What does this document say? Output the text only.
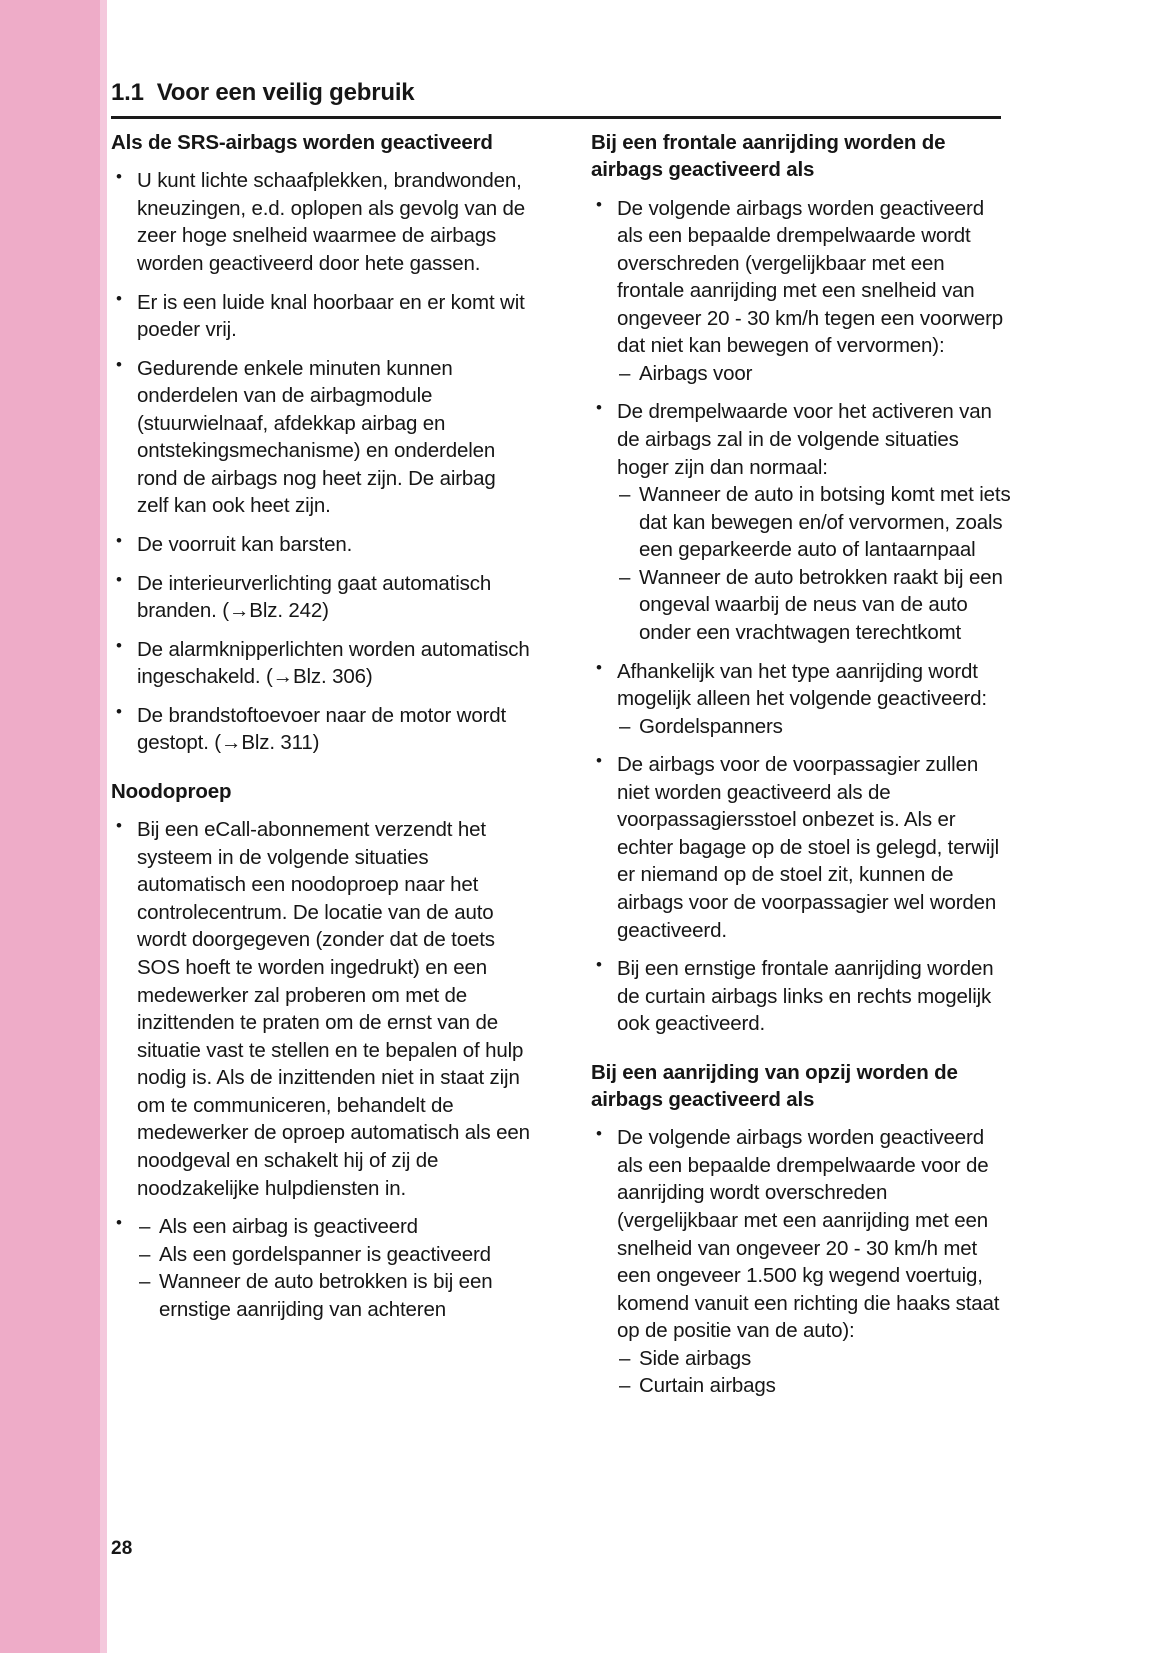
1.1 Voor een veilig gebruik
Als de SRS-airbags worden geactiveerd
• U kunt lichte schaafplekken, brandwonden, kneuzingen, e.d. oplopen als gevolg van de zeer hoge snelheid waarmee de airbags worden geactiveerd door hete gassen.
• Er is een luide knal hoorbaar en er komt wit poeder vrij.
• Gedurende enkele minuten kunnen onderdelen van de airbagmodule (stuurwielnaaf, afdekkap airbag en ontstekingsmechanisme) en onderdelen rond de airbags nog heet zijn. De airbag zelf kan ook heet zijn.
• De voorruit kan barsten.
• De interieurverlichting gaat automatisch branden. (→Blz. 242)
• De alarmknipperlichten worden automatisch ingeschakeld. (→Blz. 306)
• De brandstoftoevoer naar de motor wordt gestopt. (→Blz. 311)
Noodoproep
• Bij een eCall-abonnement verzendt het systeem in de volgende situaties automatisch een noodoproep naar het controlecentrum. De locatie van de auto wordt doorgegeven (zonder dat de toets SOS hoeft te worden ingedrukt) en een medewerker zal proberen om met de inzittenden te praten om de ernst van de situatie vast te stellen en te bepalen of hulp nodig is. Als de inzittenden niet in staat zijn om te communiceren, behandelt de medewerker de oproep automatisch als een noodgeval en schakelt hij of zij de noodzakelijke hulpdiensten in.
– • Als een airbag is geactiveerd
– Als een gordelspanner is geactiveerd
– Wanneer de auto betrokken is bij een ernstige aanrijding van achteren
Bij een frontale aanrijding worden de airbags geactiveerd als
• De volgende airbags worden geactiveerd als een bepaalde drempelwaarde wordt overschreden (vergelijkbaar met een frontale aanrijding met een snelheid van ongeveer 20 - 30 km/h tegen een voorwerp dat niet kan bewegen of vervormen):
– Airbags voor
• De drempelwaarde voor het activeren van de airbags zal in de volgende situaties hoger zijn dan normaal:
– Wanneer de auto in botsing komt met iets dat kan bewegen en/of vervormen, zoals een geparkeerde auto of lantaarnpaal
– Wanneer de auto betrokken raakt bij een ongeval waarbij de neus van de auto onder een vrachtwagen terechtkomt
• Afhankelijk van het type aanrijding wordt mogelijk alleen het volgende geactiveerd:
– Gordelspanners
• De airbags voor de voorpassagier zullen niet worden geactiveerd als de voorpassagiersstoel onbezet is. Als er echter bagage op de stoel is gelegd, terwijl er niemand op de stoel zit, kunnen de airbags voor de voorpassagier wel worden geactiveerd.
• Bij een ernstige frontale aanrijding worden de curtain airbags links en rechts mogelijk ook geactiveerd.
Bij een aanrijding van opzij worden de airbags geactiveerd als
• De volgende airbags worden geactiveerd als een bepaalde drempelwaarde voor de aanrijding wordt overschreden (vergelijkbaar met een aanrijding met een snelheid van ongeveer 20 - 30 km/h met een ongeveer 1.500 kg wegend voertuig, komend vanuit een richting die haaks staat op de positie van de auto):
– Side airbags
– Curtain airbags
28
